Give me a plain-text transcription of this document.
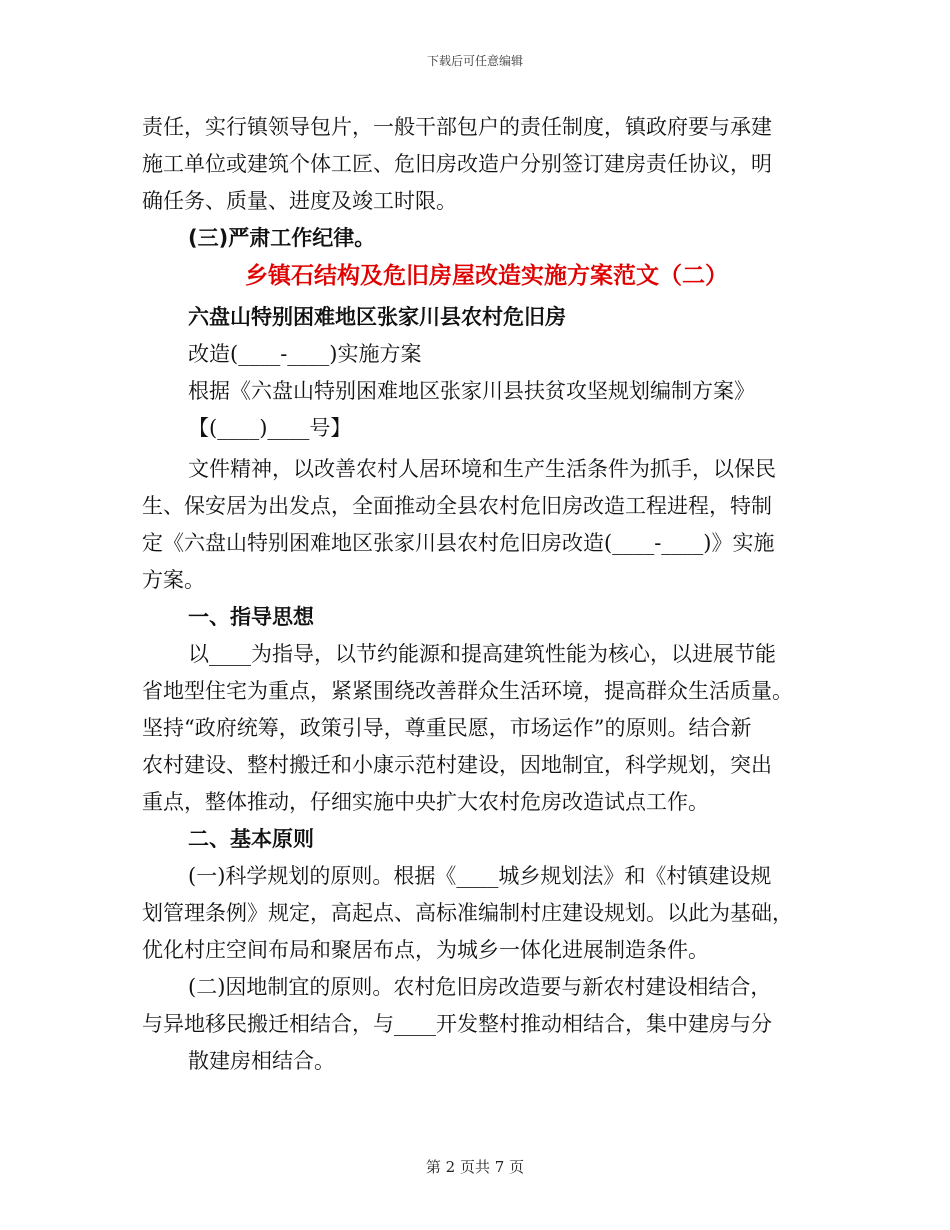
下载后可任意编辑
责任，实行镇领导包片，一般干部包户的责任制度，镇政府要与承建
施工单位或建筑个体工匠、危旧房改造户分别签订建房责任协议，明
确任务、质量、进度及竣工时限。
(三)严肃工作纪律。
乡镇石结构及危旧房屋改造实施方案范文（二）
六盘山特别困难地区张家川县农村危旧房
改造(____-____)实施方案
根据《六盘山特别困难地区张家川县扶贫攻坚规划编制方案》
【(____)____号】
文件精神，以改善农村人居环境和生产生活条件为抓手，以保民
生、保安居为出发点，全面推动全县农村危旧房改造工程进程，特制
定《六盘山特别困难地区张家川县农村危旧房改造(____-____)》实施
方案。
一、指导思想
以____为指导，以节约能源和提高建筑性能为核心，以进展节能
省地型住宅为重点，紧紧围绕改善群众生活环境，提高群众生活质量。
坚持“政府统筹，政策引导，尊重民愿，市场运作”的原则。结合新
农村建设、整村搬迁和小康示范村建设，因地制宜，科学规划，突出
重点，整体推动，仔细实施中央扩大农村危房改造试点工作。
二、基本原则
(一)科学规划的原则。根据《____城乡规划法》和《村镇建设规
划管理条例》规定，高起点、高标准编制村庄建设规划。以此为基础，
优化村庄空间布局和聚居布点，为城乡一体化进展制造条件。
(二)因地制宜的原则。农村危旧房改造要与新农村建设相结合，
与异地移民搬迁相结合，与____开发整村推动相结合，集中建房与分
散建房相结合。
第 2 页共 7 页
